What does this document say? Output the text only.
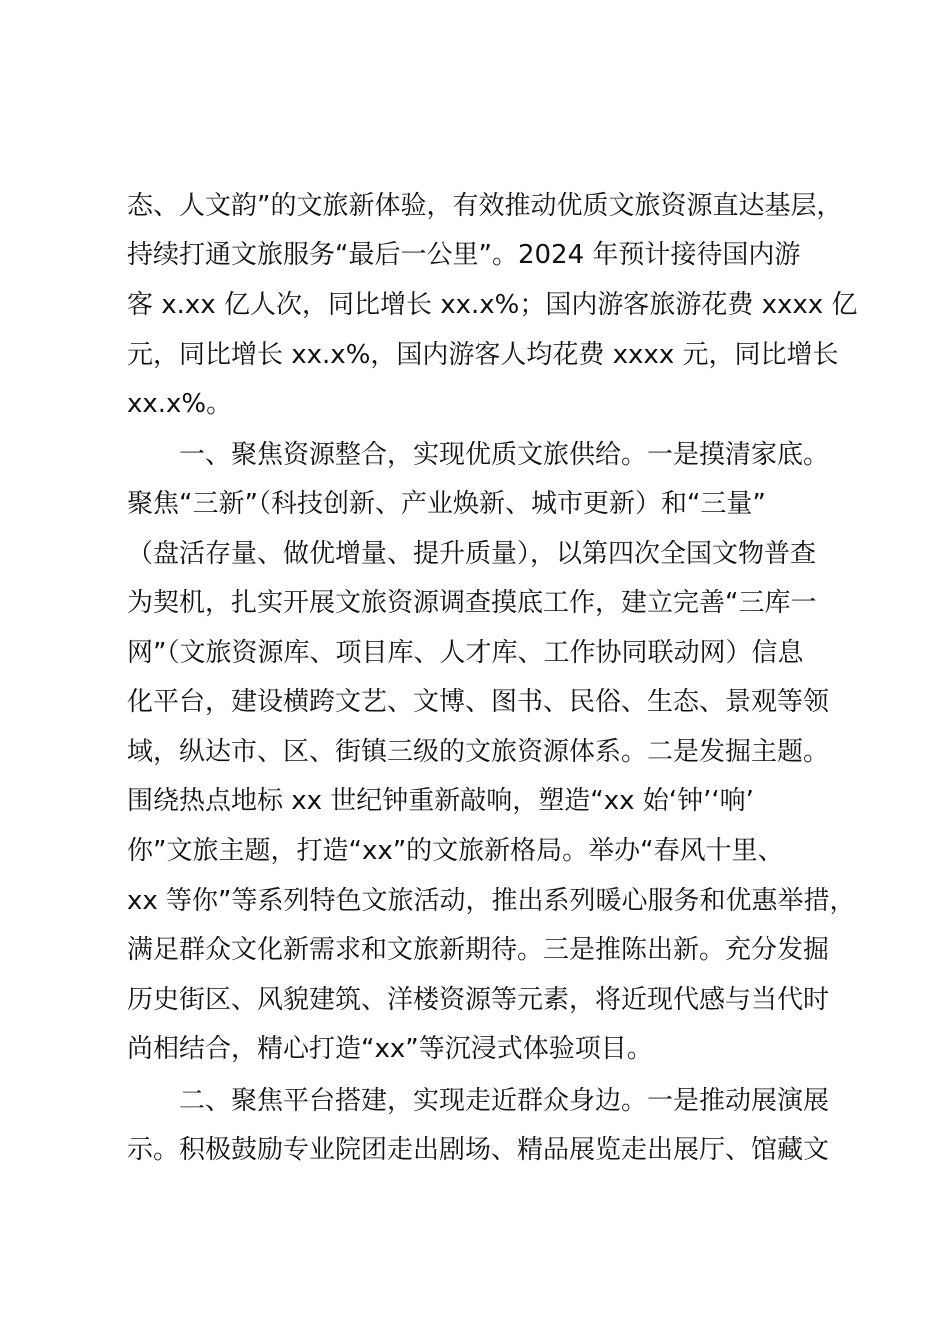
态、人文韵”的文旅新体验，有效推动优质文旅资源直达基层，
持续打通文旅服务“最后一公里”。2024 年预计接待国内游
客 x.xx 亿人次，同比增长 xx.x%；国内游客旅游花费 xxxx 亿
元，同比增长 xx.x%，国内游客人均花费 xxxx 元，同比增长
xx.x%。
　　一、聚焦资源整合，实现优质文旅供给。一是摸清家底。
聚焦“三新”（科技创新、产业焕新、城市更新）和“三量”
（盘活存量、做优增量、提升质量），以第四次全国文物普查
为契机，扎实开展文旅资源调查摸底工作，建立完善“三库一
网”（文旅资源库、项目库、人才库、工作协同联动网）信息
化平台，建设横跨文艺、文博、图书、民俗、生态、景观等领
域，纵达市、区、街镇三级的文旅资源体系。二是发掘主题。
围绕热点地标 xx 世纪钟重新敲响，塑造“xx 始‘钟’‘响’
你”文旅主题，打造“xx”的文旅新格局。举办“春风十里、
xx 等你”等系列特色文旅活动，推出系列暖心服务和优惠举措，
满足群众文化新需求和文旅新期待。三是推陈出新。充分发掘
历史街区、风貌建筑、洋楼资源等元素，将近现代感与当代时
尚相结合，精心打造“xx”等沉浸式体验项目。
　　二、聚焦平台搭建，实现走近群众身边。一是推动展演展
示。积极鼓励专业院团走出剧场、精品展览走出展厅、馆藏文
